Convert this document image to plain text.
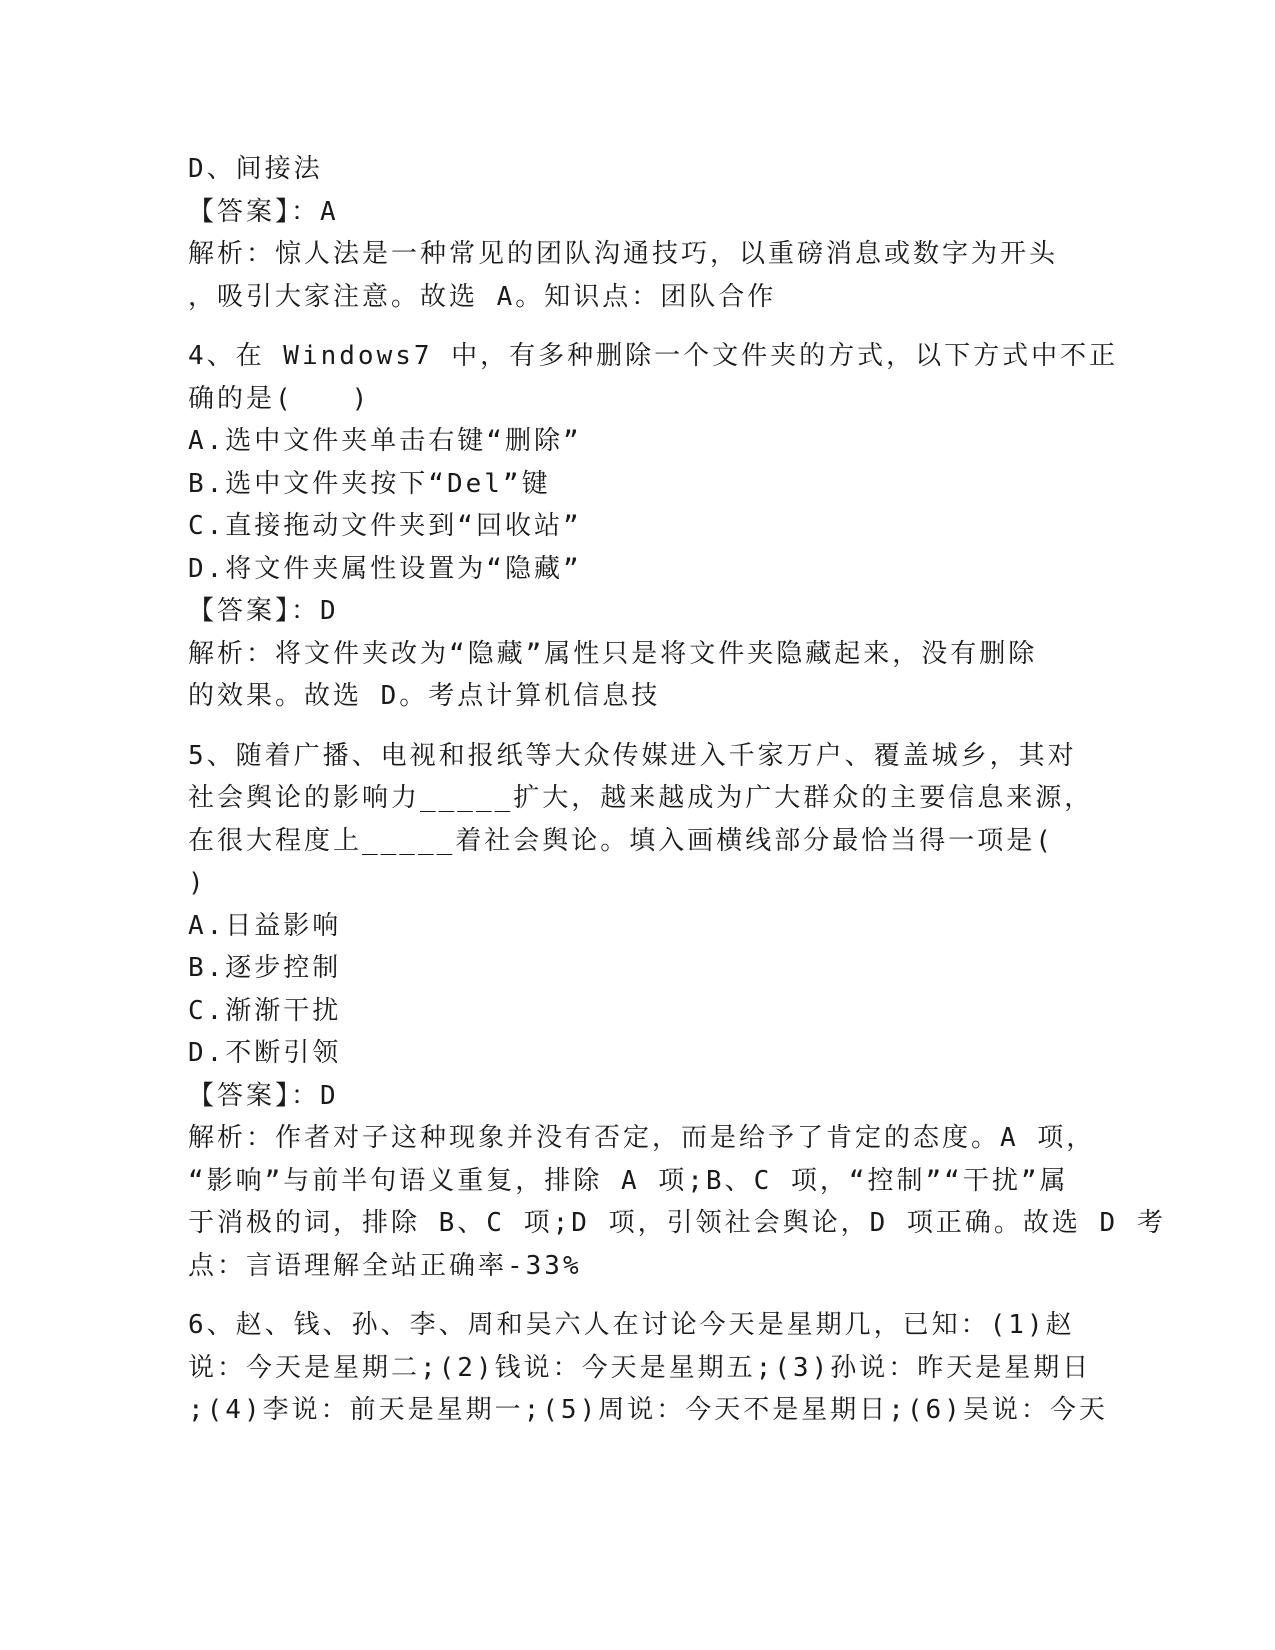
D、间接法
【答案】：A
解析：惊人法是一种常见的团队沟通技巧，以重磅消息或数字为开头
，吸引大家注意。故选 A。知识点：团队合作
4、在 Windows7 中，有多种删除一个文件夹的方式，以下方式中不正
确的是(　　)
A.选中文件夹单击右键“删除”
B.选中文件夹按下“Del”键
C.直接拖动文件夹到“回收站”
D.将文件夹属性设置为“隐藏”
【答案】：D
解析：将文件夹改为“隐藏”属性只是将文件夹隐藏起来，没有删除
的效果。故选 D。考点计算机信息技
5、随着广播、电视和报纸等大众传媒进入千家万户、覆盖城乡，其对
社会舆论的影响力_____扩大，越来越成为广大群众的主要信息来源，
在很大程度上_____着社会舆论。填入画横线部分最恰当得一项是(
)
A.日益影响
B.逐步控制
C.渐渐干扰
D.不断引领
【答案】：D
解析：作者对子这种现象并没有否定，而是给予了肯定的态度。A 项，
“影响”与前半句语义重复，排除 A 项;B、C 项，“控制”“干扰”属
于消极的词，排除 B、C 项;D 项，引领社会舆论，D 项正确。故选 D 考
点：言语理解全站正确率-33%
6、赵、钱、孙、李、周和吴六人在讨论今天是星期几，已知：(1)赵
说：今天是星期二;(2)钱说：今天是星期五;(3)孙说：昨天是星期日
;(4)李说：前天是星期一;(5)周说：今天不是星期日;(6)吴说：今天
